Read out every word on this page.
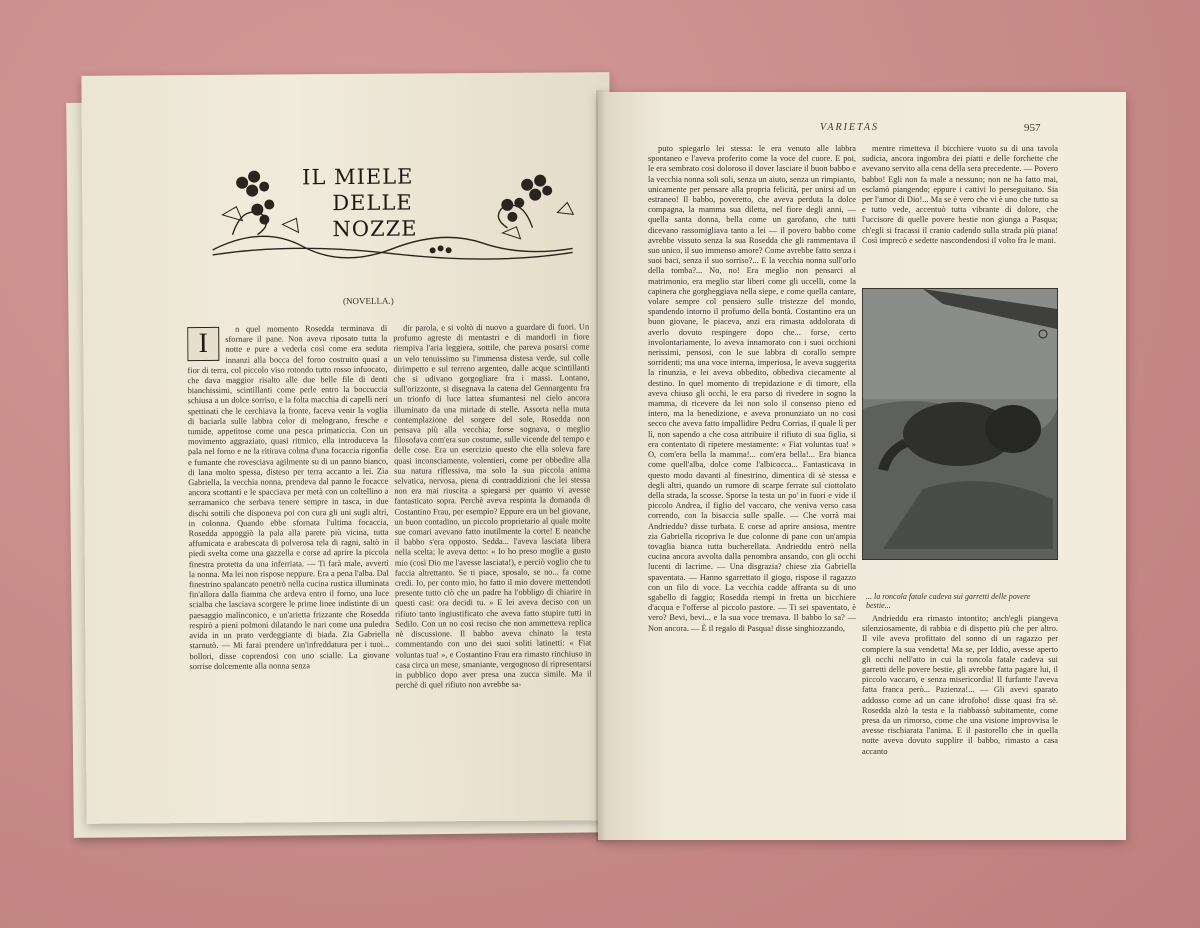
IL MIELE
DELLE NOZZE
(NOVELLA.)
I	n quel momento Rosedda terminava di sfornare il pane. Non aveva riposato tutta la notte e pure a vederla così come era seduta innanzi alla bocca del forno costruito quasi a fior di terra, col piccolo viso rotondo tutto rosso infuocato, che dava maggior risalto alle due belle file di denti bianchissimi, scintillanti come perle entro la boccuccia schiusa a un dolce sorriso, e la folta macchia di capelli neri spettinati che le cerchiava la fronte, faceva venir la voglia di baciarla sulle labbra color di melograno, fresche e tumide, appetitose come una pesca primaticcia. Con un movimento aggraziato, quasi ritmico, ella introduceva la pala nel forno e ne la ritirava colma d'una focaccia rigonfia e fumante che rovesciava agilmente su di un panno bianco, di lana molto spessa, disteso per terra accanto a lei. Zia Gabriella, la vecchia nonna, prendeva dal panno le focacce ancora scottanti e le spacciava per metà con un coltellino a serramanico che serbava tenere sempre in tasca, in due dischi sottili che disponeva poi con cura gli uni sugli altri, in colonna. Quando ebbe sfornata l'ultima focaccia, Rosedda appoggiò la pala alla parete più vicina, tutta affumicata e arabescata di polverosa tela di ragni, saltò in piedi svelta come una gazzella e corse ad aprire la piccola finestra protetta da una inferriata. — Ti farà male, avvertì la nonna. Ma lei non rispose neppure. Era a pena l'alba. Dal finestrino spalancato penetrò nella cucina rustica illuminata fin'allora dalla fiamma che ardeva entro il forno, una luce scialba che lasciava scorgere le prime linee indistinte di un paesaggio malinconico, e un'arietta frizzante che Rosedda respirò a pieni polmoni dilatando le nari come una puledra avida in un prato verdeggiante di biada. Zia Gabriella starnutò. — Mi farai prendere un'infreddatura per i tuoi... bollori, disse coprendosi con uno scialle. La giovane sorrise dolcemente alla nonna senza

dir parola, e si voltò di nuovo a guardare di fuori. Un profumo agreste di mentastri e di mandorli in fiore riempiva l'aria leggiera, sottile, che pareva posarsi come un velo tenuissimo su l'immensa distesa verde, sul colle dirimpetto e sul terreno argenteo, dalle acque scintillanti che si udivano gorgogliare fra i massi. Lontano, sull'orizzonte, si disegnava la catena del Gennargentu fra un trionfo di luce lattea sfumantesi nel cielo ancora illuminato da una miriade di stelle. Assorta nella muta contemplazione del sorgere del sole, Rosedda non pensava più alla vecchia; forse sognava, o meglio filosofava com'era suo costume, sulle vicende del tempo e delle cose. Era un esercizio questo che ella soleva fare quasi inconsciamente, volentieri, come per obbedire alla sua natura riflessiva, ma solo la sua piccola anima selvatica, nervosa, piena di contraddizioni che lei stessa non era mai riuscita a spiegarsi per quanto vi avesse fantasticato sopra. Perchè aveva respinta la domanda di Costantino Frau, per esempio? Eppure era un bel giovane, un buon contadino, un piccolo proprietario al quale molte sue comari avevano fatto inutilmente la corte! E neanche il babbo s'era opposto. Sedda... l'aveva lasciata libera nella scelta; le aveva detto: « Io ho preso moglie a gusto mio (così Dio me l'avesse lasciata!), e perciò voglio che tu faccia altrettanto. Se ti piace, sposalo, se no... fa come credi. Io, per conto mio, ho fatto il mio dovere mettendoti presente tutto ciò che un padre ha l'obbligo di chiarire in questi casi: ora decidi tu. » E lei aveva deciso con un rifiuto tanto ingiustificato che aveva fatto stupire tutti in Sedilo. Con un no così reciso che non ammetteva replica nè discussione. Il babbo aveva chinato la testa commentando con uno dei suoi soliti latinetti: « Fiat voluntas tua! », e Costantino Frau era rimasto rinchiuso in casa circa un mese, smaniante, vergognoso di ripresentarsi in pubblico dopo aver presa una zucca simile. Ma il perchè di quel rifiuto non avrebbe sa-

VARIETAS	957

puto spiegarlo lei stessa: le era venuto alle labbra spontaneo e l'aveva proferito come la voce del cuore. E poi, le era sembrato così doloroso il dover lasciare il buon babbo e la vecchia nonna soli soli, senza un aiuto, senza un rimpianto, unicamente per pensare alla propria felicità, per unirsi ad un estraneo! Il babbo, poveretto, che aveva perduta la dolce compagna, la mamma sua diletta, nel fiore degli anni, — quella santa donna, bella come un garofano, che tutti dicevano rassomigliava tanto a lei — il povero babbo come avrebbe vissuto senza la sua Rosedda che gli rammentava il suo unico, il suo immenso amore? Come avrebbe fatto senza i suoi baci, senza il suo sorriso?... E la vecchia nonna sull'orlo della tomba?... No, no! Era meglio non pensarci al matrimonio, era meglio star liberi come gli uccelli, come la capinera che gorgheggiava nella siepe, e come quella cantare, volare sempre col pensiero sulle tristezze del mondo, spandendo intorno il profumo della bontà. Costantino era un buon giovane, le piaceva, anzi era rimasta addolorata di averlo dovuto respingere dopo che... forse, certo involontariamente, lo aveva innamorato con i suoi occhioni nerissimi, pensosi, con le sue labbra di corallo sempre sorridenti; ma una voce interna, imperiosa, le aveva suggerita la rinunzia, e lei aveva obbedito, obbediva ciecamente al destino. In quel momento di trepidazione e di timore, ella aveva chiuso gli occhi, le era parso di rivedere in sogno la mamma, di ricevere da lei non solo il consenso pieno ed intero, ma la benedizione, e aveva pronunziato un no così secco che aveva fatto impallidire Pedru Corrias, il quale lì per lì, non sapendo a che cosa attribuire il rifiuto di sua figlia, si era contentato di ripetere mestamente: « Fiat voluntas tua! » O, com'era bella la mamma!... com'era bella!... Era bianca come quell'alba, dolce come l'albicocca... Fantasticava in questo modo davanti al finestrino, dimentica di sè stessa e degli altri, quando un rumore di scarpe ferrate sul ciottolato della strada, la scosse. Sporse la testa un po' in fuori e vide il piccolo Andrea, il figlio del vaccaro, che veniva verso casa correndo, con la bisaccia sulle spalle. — Che vorrà mai Andrieddu? disse turbata. E corse ad aprire ansiosa, mentre zia Gabriella ricopriva le due colonne di pane con un'ampia tovaglia bianca tutta bucherellata. Andrieddu entrò nella cucina ancora avvolta dalla penombra ansando, con gli occhi lucenti di lacrime. — Una disgrazia? chiese zia Gabriella spaventata. — Hanno sgarrettato il giogo, rispose il ragazzo con un filo di voce. La vecchia cadde affranta su di uno sgabello di faggio; Rosedda riempì in fretta un bicchiere d'acqua e l'offerse al piccolo pastore. — Ti sei spaventato, è vero? Bevi, bevi... e la sua voce tremava. Il babbo lo sa? — Non ancora. — È il regalo di Pasqua! disse singhiozzando,

mentre rimetteva il bicchiere vuoto su di una tavola sudicia, ancora ingombra dei piatti e delle forchette che avevano servito alla cena della sera precedente. — Povero babbo! Egli non fa male a nessuno; non ne ha fatto mai, esclamò piangendo; eppure i cattivi lo perseguitano. Sia per l'amor di Dio!... Ma se è vero che vi è uno che tutto sa e tutto vede, accentuò tutta vibrante di dolore, che l'uccisore di quelle povere bestie non giunga a Pasqua; ch'egli si fracassi il cranio cadendo sulla strada più piana! Così imprecò e sedette nascondendosi il volto fra le mani.

... la roncola fatale cadeva sui garretti delle povere bestie...

Andrieddu era rimasto intontito; anch'egli piangeva silenziosamente, di rabbia e di dispetto più che per altro. Il vile aveva profittato del sonno di un ragazzo per compiere la sua vendetta! Ma se, per Iddio, avesse aperto gli occhi nell'atto in cui la roncola fatale cadeva sui garretti delle povere bestie, gli avrebbe fatta pagare lui, il piccolo vaccaro, e senza misericordia! Il furfante l'aveva fatta franca però... Pazienza!... — Gli avevi sparato addosso come ad un cane idrofobo! disse quasi fra sè. Rosedda alzò la testa e la riabbassò subitamente, come presa da un rimorso, come che una visione improvvisa le avesse rischiarata l'anima. E il pastorello che in quella notte aveva dovuto supplire il babbo, rimasto a casa accanto
